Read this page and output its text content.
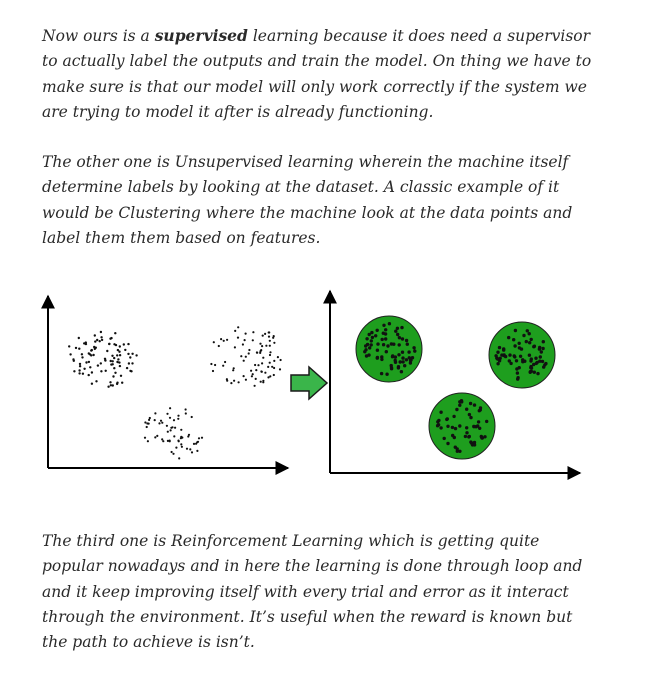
Now ours is a supervised learning because it does need a supervisor to actually label the outputs and train the model. On thing we have to make sure is that our model will only work correctly if the system we are trying to model it after is already functioning.

The other one is Unsupervised learning wherein the machine itself determine labels by looking at the dataset. A classic example of it would be Clustering where the machine look at the data points and label them them based on features.

The third one is Reinforcement Learning which is getting quite popular nowadays and in here the learning is done through loop and and it keep improving itself with every trial and error as it interact through the environment. It’s useful when the reward is known but the path to achieve is isn’t.
